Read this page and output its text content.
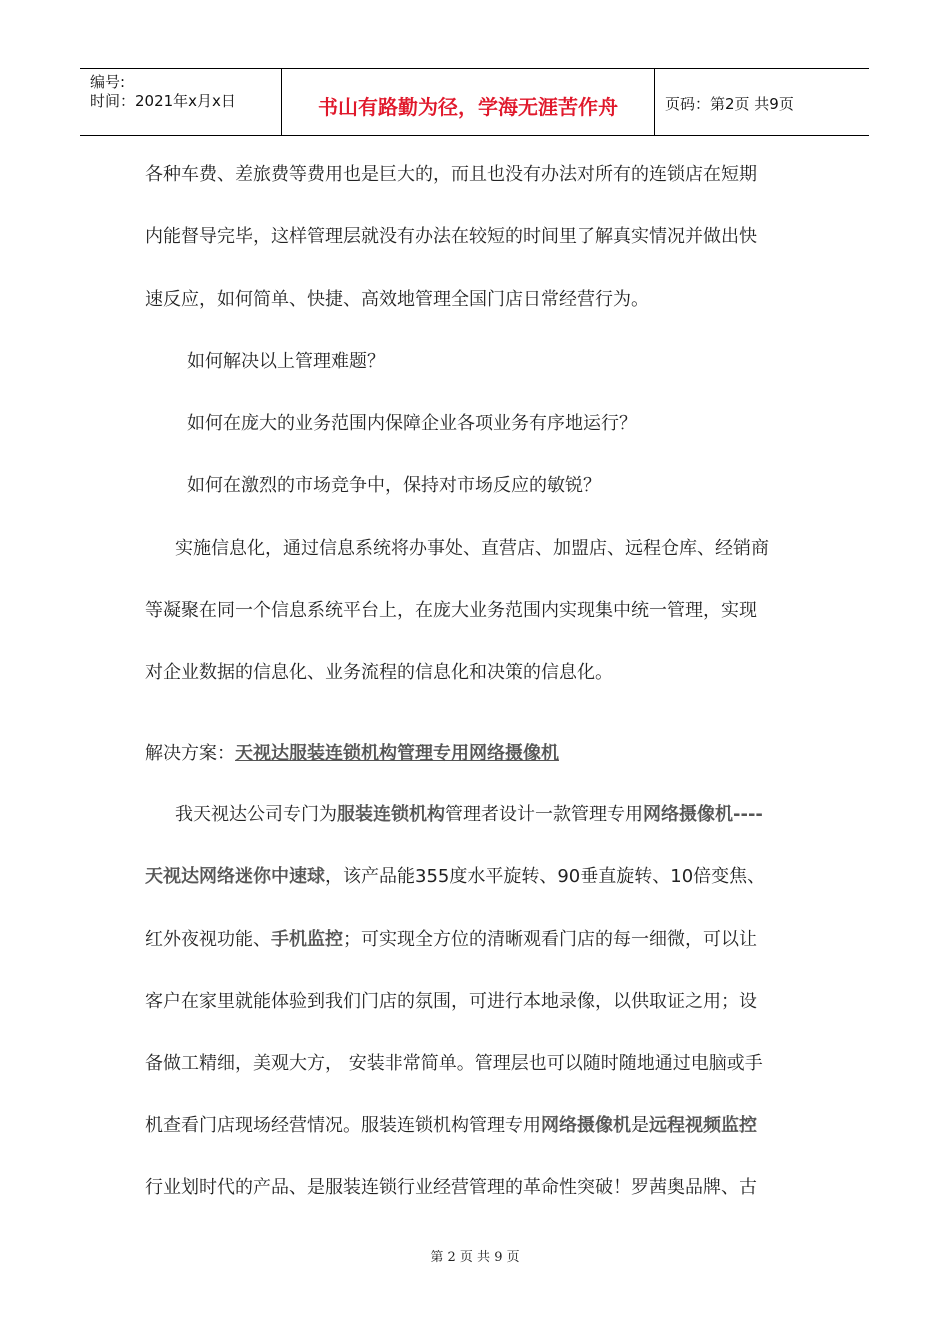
编号:
时间：2021年x月x日	书山有路勤为径，学海无涯苦作舟	页码：第2页 共9页
各种车费、差旅费等费用也是巨大的，而且也没有办法对所有的连锁店在短期
内能督导完毕，这样管理层就没有办法在较短的时间里了解真实情况并做出快
速反应，如何简单、快捷、高效地管理全国门店日常经营行为。
如何解决以上管理难题？
如何在庞大的业务范围内保障企业各项业务有序地运行？
如何在激烈的市场竞争中，保持对市场反应的敏锐？
实施信息化，通过信息系统将办事处、直营店、加盟店、远程仓库、经销商
等凝聚在同一个信息系统平台上，在庞大业务范围内实现集中统一管理，实现
对企业数据的信息化、业务流程的信息化和决策的信息化。
解决方案：天视达服装连锁机构管理专用网络摄像机
我天视达公司专门为服装连锁机构管理者设计一款管理专用网络摄像机----
天视达网络迷你中速球，该产品能355度水平旋转、90垂直旋转、10倍变焦、
红外夜视功能、手机监控；可实现全方位的清晰观看门店的每一细微，可以让
客户在家里就能体验到我们门店的氛围，可进行本地录像，以供取证之用；设
备做工精细，美观大方， 安装非常简单。管理层也可以随时随地通过电脑或手
机查看门店现场经营情况。服装连锁机构管理专用网络摄像机是远程视频监控
行业划时代的产品、是服装连锁行业经营管理的革命性突破！罗茜奥品牌、古
第 2 页 共 9 页
